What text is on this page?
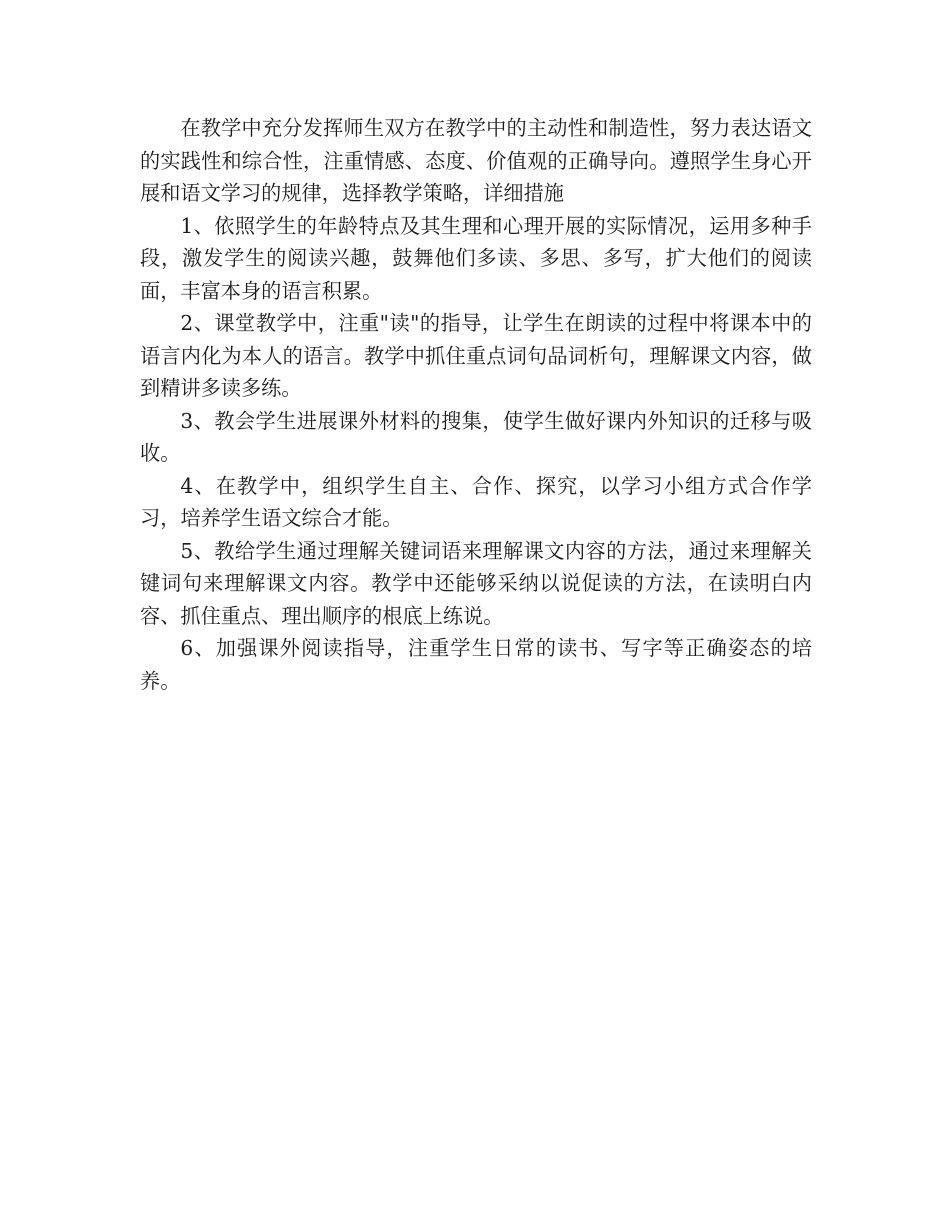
在教学中充分发挥师生双方在教学中的主动性和制造性，努力表达语文的实践性和综合性，注重情感、态度、价值观的正确导向。遵照学生身心开展和语文学习的规律，选择教学策略，详细措施

1、依照学生的年龄特点及其生理和心理开展的实际情况，运用多种手段，激发学生的阅读兴趣，鼓舞他们多读、多思、多写，扩大他们的阅读面，丰富本身的语言积累。

2、课堂教学中，注重"读"的指导，让学生在朗读的过程中将课本中的语言内化为本人的语言。教学中抓住重点词句品词析句，理解课文内容，做到精讲多读多练。

3、教会学生进展课外材料的搜集，使学生做好课内外知识的迁移与吸收。

4、在教学中，组织学生自主、合作、探究，以学习小组方式合作学习，培养学生语文综合才能。

5、教给学生通过理解关键词语来理解课文内容的方法，通过来理解关键词句来理解课文内容。教学中还能够采纳以说促读的方法，在读明白内容、抓住重点、理出顺序的根底上练说。

6、加强课外阅读指导，注重学生日常的读书、写字等正确姿态的培养。
